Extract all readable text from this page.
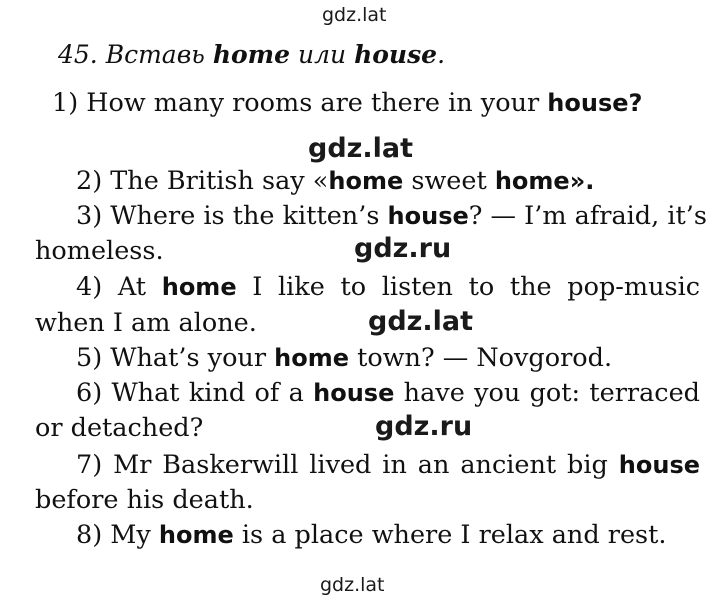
gdz.lat
gdz.lat
gdz.ru
gdz.lat
gdz.ru
gdz.lat
45. Вставь home или house.
1) How many rooms are there in your house?
2) The British say «home sweet home».
3) Where is the kitten’s house? — I’m afraid, it’s
homeless.
4) At home I like to listen to the pop-music
when I am alone.
5) What’s your home town? — Novgorod.
6) What kind of a house have you got: terraced
or detached?
7) Mr Baskerwill lived in an ancient big house
before his death.
8) My home is a place where I relax and rest.
